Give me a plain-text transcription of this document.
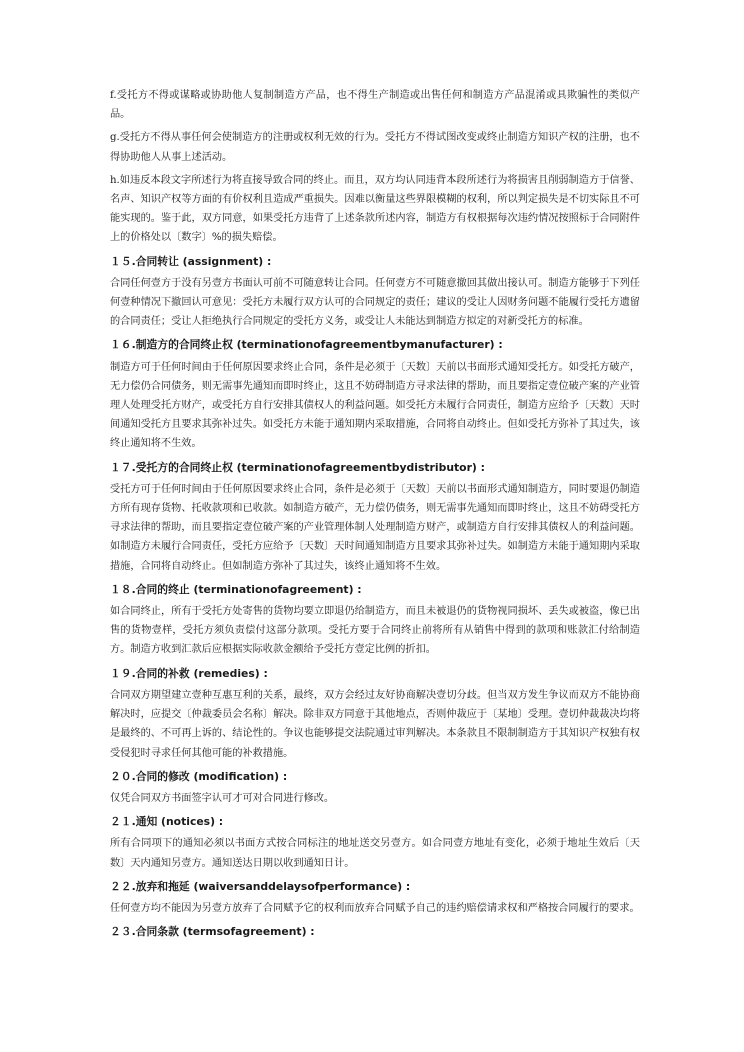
f.受托方不得或谋略或协助他人复制制造方产品，也不得生产制造或出售任何和制造方产品混淆或具欺骗性的类似产品。

g.受托方不得从事任何会使制造方的注册或权利无效的行为。受托方不得试图改变或终止制造方知识产权的注册，也不得协助他人从事上述活动。

h.如违反本段文字所述行为将直接导致合同的终止。而且，双方均认同违背本段所述行为将损害且削弱制造方于信誉、名声、知识产权等方面的有价权利且造成严重损失。因难以衡量这些界限模糊的权利，所以判定损失是不切实际且不可能实现的。鉴于此，双方同意，如果受托方违背了上述条款所述内容，制造方有权根据每次违约情况按照标于合同附件上的价格处以〔数字〕%的损失赔偿。

１５.合同转让 (assignment) :

合同任何壹方于没有另壹方书面认可前不可随意转让合同。任何壹方不可随意撤回其做出接认可。制造方能够于下列任何壹种情况下撤回认可意见：受托方未履行双方认可的合同规定的责任；建议的受让人因财务问题不能履行受托方遗留的合同责任；受让人拒绝执行合同规定的受托方义务，或受让人未能达到制造方拟定的对新受托方的标准。

１６.制造方的合同终止权 (terminationofagreementbymanufacturer) :

制造方可于任何时间由于任何原因要求终止合同，条件是必须于〔天数〕天前以书面形式通知受托方。如受托方破产，无力偿仍合同债务，则无需事先通知而即时终止，这且不妨碍制造方寻求法律的帮助，而且要指定壹位破产案的产业管理人处理受托方财产，或受托方自行安排其债权人的利益问题。如受托方未履行合同责任，制造方应给予〔天数〕天时间通知受托方且要求其弥补过失。如受托方未能于通知期内采取措施，合同将自动终止。但如受托方弥补了其过失，该终止通知将不生效。

１７.受托方的合同终止权 (terminationofagreementbydistributor) :

受托方可于任何时间由于任何原因要求终止合同，条件是必须于〔天数〕天前以书面形式通知制造方，同时要退仍制造方所有现存货物、托收款项和已收款。如制造方破产，无力偿仍债务，则无需事先通知而即时终止，这且不妨碍受托方寻求法律的帮助，而且要指定壹位破产案的产业管理体制人处理制造方财产，或制造方自行安排其债权人的利益问题。如制造方未履行合同责任，受托方应给予〔天数〕天时间通知制造方且要求其弥补过失。如制造方未能于通知期内采取措施，合同将自动终止。但如制造方弥补了其过失，该终止通知将不生效。

１８.合同的终止 (terminationofagreement) :

如合同终止，所有于受托方处寄售的货物均要立即退仍给制造方，而且未被退仍的货物视同损坏、丢失或被盗，像已出售的货物壹样，受托方须负责偿付这部分款项。受托方要于合同终止前将所有从销售中得到的款项和账款汇付给制造方。制造方收到汇款后应根据实际收款金额给予受托方壹定比例的折扣。

１９.合同的补救 (remedies) :

合同双方期望建立壹种互惠互利的关系，最终，双方会经过友好协商解决壹切分歧。但当双方发生争议而双方不能协商解决时，应提交〔仲裁委员会名称〕解决。除非双方同意于其他地点，否则仲裁应于〔某地〕受理。壹切仲裁裁决均将是最终的、不可再上诉的、结论性的。争议也能够提交法院通过审判解决。本条款且不限制制造方于其知识产权独有权受侵犯时寻求任何其他可能的补救措施。

２０.合同的修改 (modification) :

仅凭合同双方书面签字认可才可对合同进行修改。

２１.通知 (notices) :

所有合同项下的通知必须以书面方式按合同标注的地址送交另壹方。如合同壹方地址有变化，必须于地址生效后〔天数〕天内通知另壹方。通知送达日期以收到通知日计。

２２.放弃和拖延 (waiversanddelaysofperformance) :

任何壹方均不能因为另壹方放弃了合同赋予它的权利而放弃合同赋予自己的违约赔偿请求权和严格按合同履行的要求。

２３.合同条款 (termsofagreement) :
